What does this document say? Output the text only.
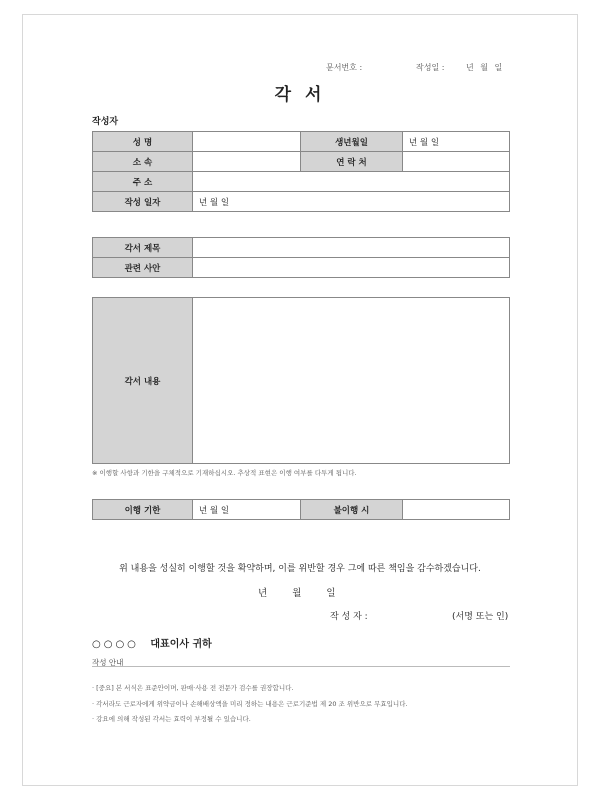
문서번호 :	작성일 :	년 월 일
각 서
작성자
성 명		생년월일	년 월 일
소 속		연 락 처	
주 소			
작성 일자	년 월 일		
각서 제목	
관련 사안	
각서 내용	
※ 이행할 사항과 기한을 구체적으로 기재하십시오. 추상적 표현은 이행 여부를 다투게 됩니다.
이행 기한	년 월 일	불이행 시	
위 내용을 성실히 이행할 것을 확약하며, 이를 위반할 경우 그에 따른 책임을 감수하겠습니다.
년 월 일
작 성 자 :	(서명 또는 인)
○○○○ 대표이사 귀하
작성 안내
· [중요] 본 서식은 표준안이며, 판매·사용 전 전문가 검수를 권장합니다.
· 각서라도 근로자에게 위약금이나 손해배상액을 미리 정하는 내용은 근로기준법 제 20 조 위반으로 무효입니다.
· 강요에 의해 작성된 각서는 효력이 부정될 수 있습니다.
